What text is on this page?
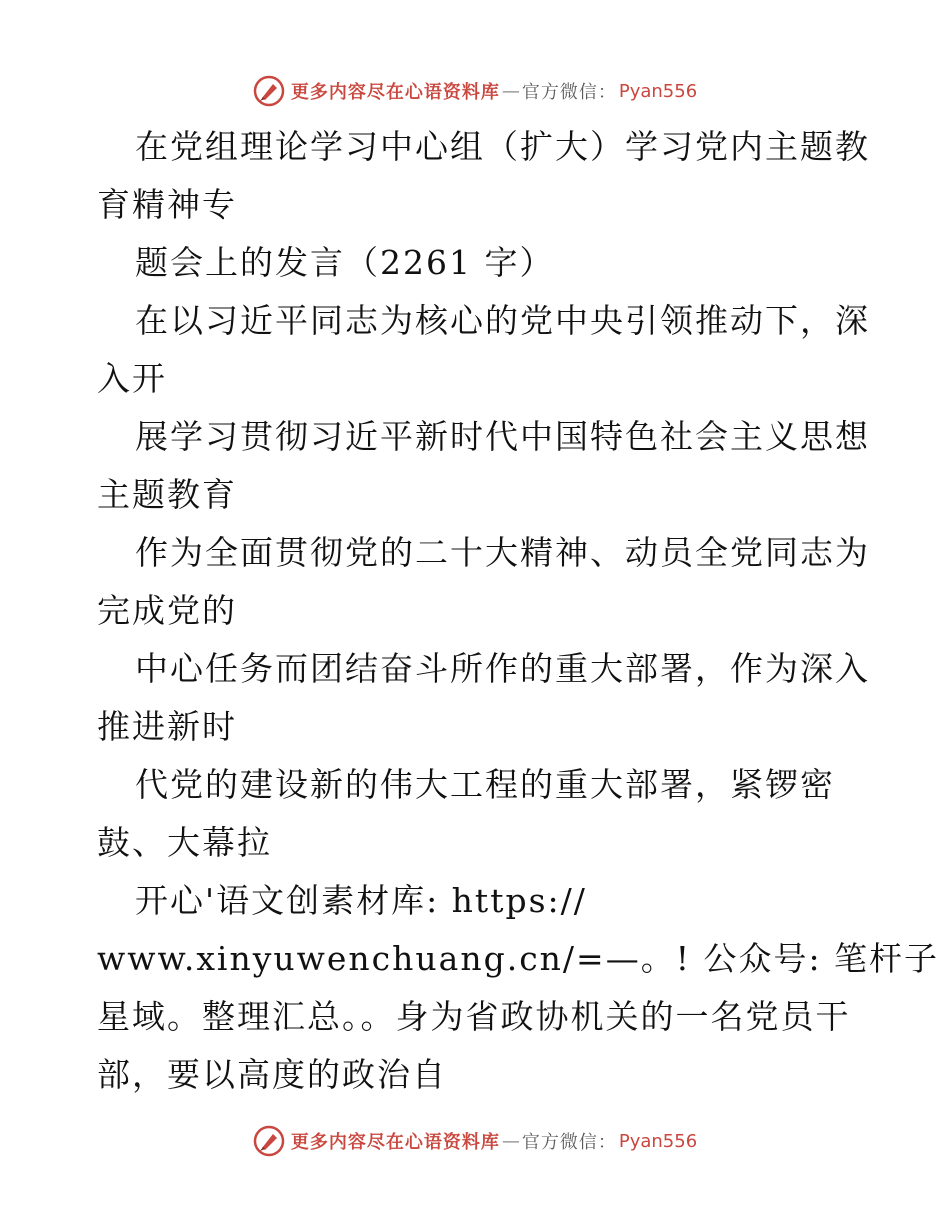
更多内容尽在心语资料库 — 官方微信： Pyan556
在党组理论学习中心组（扩大）学习党内主题教
育精神专
题会上的发言（2261 字）
在以习近平同志为核心的党中央引领推动下，深
入开
展学习贯彻习近平新时代中国特色社会主义思想
主题教育
作为全面贯彻党的二十大精神、动员全党同志为
完成党的
中心任务而团结奋斗所作的重大部署，作为深入
推进新时
代党的建设新的伟大工程的重大部署，紧锣密
鼓、大幕拉
开心'语文创素材库: https://
www.xinyuwenchuang.cn/=—。! 公众号: 笔杆子
星域。整理汇总。。身为省政协机关的一名党员干
部，要以高度的政治自
更多内容尽在心语资料库 — 官方微信： Pyan556
